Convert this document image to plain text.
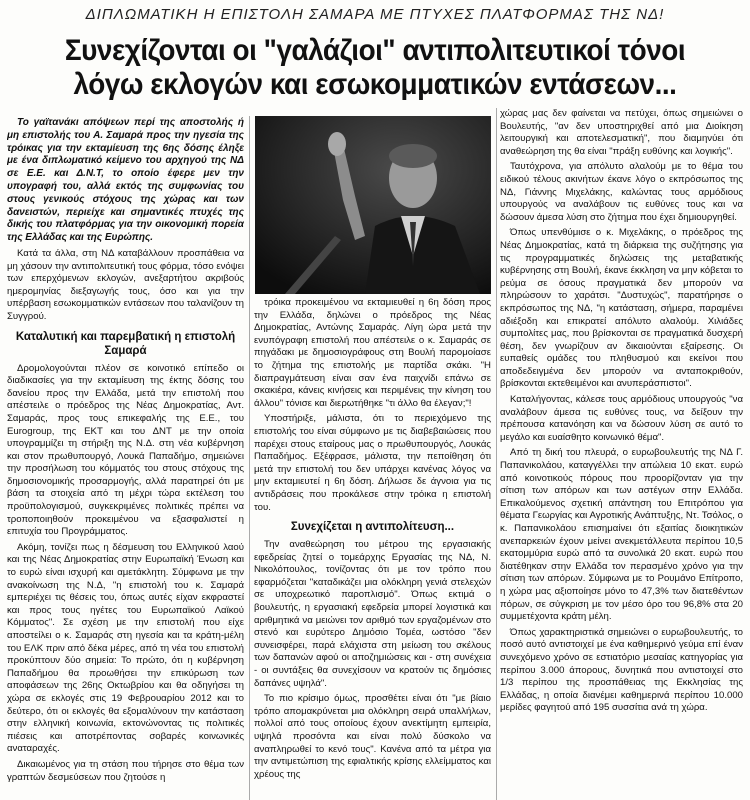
ΔΙΠΛΩΜΑΤΙΚΗ Η ΕΠΙΣΤΟΛΗ ΣΑΜΑΡΑ ΜΕ ΠΤΥΧΕΣ ΠΛΑΤΦΟΡΜΑΣ ΤΗΣ ΝΔ!
Συνεχίζονται οι "γαλάζιοι" αντιπολιτευτικοί τόνοι
λόγω εκλογών και εσωκομματικών εντάσεων...

Το γαϊτανάκι απόψεων περί της αποστολής ή μη επιστολής του Α. Σαμαρά προς την ηγεσία της τρόικας για την εκταμίευση της 6ης δόσης έληξε με ένα διπλωματικό κείμενο του αρχηγού της ΝΔ σε Ε.Ε. και Δ.Ν.Τ, το οποίο έφερε μεν την υπογραφή του, αλλά εκτός της συμφωνίας του στους γενικούς στόχους της χώρας και των δανειστών, περιείχε και σημαντικές πτυχές της δικής του πλατφόρμας για την οικονομική πορεία της Ελλάδας και της Ευρώπης.

Κατά τα άλλα, στη ΝΔ καταβάλλουν προσπάθεια να μη χάσουν την αντιπολιτευτική τους φόρμα, τόσο ενόψει των επερχόμενων εκλογών, ανεξαρτήτου ακριβούς ημερομηνίας διεξαγωγής τους, όσο και για την υπέρβαση εσωκομματικών εντάσεων που ταλανίζουν τη Συγγρού.

Καταλυτική και παρεμβατική η επιστολή Σαμαρά

Δρομολογούνται πλέον σε κοινοτικό επίπεδο οι διαδικασίες για την εκταμίευση της έκτης δόσης του δανείου προς την Ελλάδα, μετά την επιστολή που απέστειλε ο πρόεδρος της Νέας Δημοκρατίας, Αντ. Σαμαράς, προς τους επικεφαλής της Ε.Ε., του Eurogroup, της ΕΚΤ και του ΔΝΤ με την οποία υπογραμμίζει τη στήριξη της Ν.Δ. στη νέα κυβέρνηση και στον πρωθυπουργό, Λουκά Παπαδήμο, σημειώνει την προσήλωση του κόμματός του στους στόχους της δημοσιονομικής προσαρμογής, αλλά παρατηρεί ότι με βάση τα στοιχεία από τη μέχρι τώρα εκτέλεση του προϋπολογισμού, συγκεκριμένες πολιτικές πρέπει να τροποποιηθούν προκειμένου να εξασφαλιστεί η επιτυχία του Προγράμματος.

Ακόμη, τονίζει πως η δέσμευση του Ελληνικού λαού και της Νέας Δημοκρατίας στην Ευρωπαϊκή Ένωση και το ευρώ είναι ισχυρή και αμετάκλητη. Σύμφωνα με την ανακοίνωση της Ν.Δ, "η επιστολή του κ. Σαμαρά εμπεριέχει τις θέσεις του, όπως αυτές είχαν εκφραστεί και προς τους ηγέτες του Ευρωπαϊκού Λαϊκού Κόμματος". Σε σχέση με την επιστολή που είχε αποστείλει ο κ. Σαμαράς στη ηγεσία και τα κράτη-μέλη του ΕΛΚ πριν από δέκα μέρες, από τη νέα του επιστολή προκύπτουν δύο σημεία: Το πρώτο, ότι η κυβέρνηση Παπαδήμου θα προωθήσει την επικύρωση των αποφάσεων της 26ης Οκτωβρίου και θα οδηγήσει τη χώρα σε εκλογές στις 19 Φεβρουαρίου 2012 και το δεύτερο, ότι οι εκλογές θα εξομαλύνουν την κατάσταση στην ελληνική κοινωνία, εκτονώνοντας τις πολιτικές πιέσεις και αποτρέποντας σοβαρές κοινωνικές αναταραχές.

Δικαιωμένος για τη στάση που τήρησε στο θέμα των γραπτών δεσμεύσεων που ζητούσε η

τρόικα προκειμένου να εκταμιευθεί η 6η δόση προς την Ελλάδα, δηλώνει ο πρόεδρος της Νέας Δημοκρατίας, Αντώνης Σαμαράς. Λίγη ώρα μετά την ενυπόγραφη επιστολή που απέστειλε ο κ. Σαμαράς σε πηγάδακι με δημοσιογράφους στη Βουλή παρομοίασε το ζήτημα της επιστολής με παρτίδα σκάκι. "Η διαπραγμάτευση είναι σαν ένα παιχνίδι επάνω σε σκακιέρα, κάνεις κινήσεις και περιμένεις την κίνηση του άλλου" τόνισε και διερωτήθηκε "τι άλλο θα έλεγαν;"!

Υποστήριξε, μάλιστα, ότι το περιεχόμενο της επιστολής του είναι σύμφωνο με τις διαβεβαιώσεις που παρέχει στους εταίρους μας ο πρωθυπουργός, Λουκάς Παπαδήμος. Εξέφρασε, μάλιστα, την πεποίθηση ότι μετά την επιστολή του δεν υπάρχει κανένας λόγος να μην εκταμιευτεί η 6η δόση. Δήλωσε δε άγνοια για τις αντιδράσεις που προκάλεσε στην τρόικα η επιστολή του.

Συνεχίζεται η αντιπολίτευση...

Την αναθεώρηση του μέτρου της εργασιακής εφεδρείας ζητεί ο τομεάρχης Εργασίας της ΝΔ, Ν. Νικολόπουλος, τονίζοντας ότι με τον τρόπο που εφαρμόζεται "καταδικάζει μια ολόκληρη γενιά στελεχών σε υποχρεωτικό παροπλισμό". Όπως εκτιμά ο βουλευτής, η εργασιακή εφεδρεία μπορεί λογιστικά και αριθμητικά να μειώνει τον αριθμό των εργαζομένων στο στενό και ευρύτερο Δημόσιο Τομέα, ωστόσο "δεν συνεισφέρει, παρά ελάχιστα στη μείωση του σκέλους των δαπανών αφού οι αποζημιώσεις και - στη συνέχεια - οι συντάξεις θα συνεχίσουν να κρατούν τις δημόσιες δαπάνες υψηλά".

Το πιο κρίσιμο όμως, προσθέτει είναι ότι "με βίαιο τρόπο απομακρύνεται μια ολόκληρη σειρά υπαλλήλων, πολλοί από τους οποίους έχουν ανεκτίμητη εμπειρία, υψηλά προσόντα και είναι πολύ δύσκολο να αναπληρωθεί το κενό τους". Κανένα από τα μέτρα για την αντιμετώπιση της εφιαλτικής κρίσης ελλείμματος και χρέους της

χώρας μας δεν φαίνεται να πετύχει, όπως σημειώνει ο Βουλευτής, "αν δεν υποστηριχθεί από μια Διοίκηση λειτουργική και αποτελεσματική", που διαμηνύει ότι αναθεώρηση της θα είναι "πράξη ευθύνης και λογικής".

Ταυτόχρονα, για απόλυτο αλαλούμ με το θέμα του ειδικού τέλους ακινήτων έκανε λόγο ο εκπρόσωπος της ΝΔ, Γιάννης Μιχελάκης, καλώντας τους αρμόδιους υπουργούς να αναλάβουν τις ευθύνες τους και να δώσουν άμεσα λύση στο ζήτημα που έχει δημιουργηθεί.

Όπως υπενθύμισε ο κ. Μιχελάκης, ο πρόεδρος της Νέας Δημοκρατίας, κατά τη διάρκεια της συζήτησης για τις προγραμματικές δηλώσεις της μεταβατικής κυβέρνησης στη Βουλή, έκανε έκκληση να μην κόβεται το ρεύμα σε όσους πραγματικά δεν μπορούν να πληρώσουν το χαράτσι. "Δυστυχώς", παρατήρησε ο εκπρόσωπος της ΝΔ, "η κατάσταση, σήμερα, παραμένει αδιέξοδη και επικρατεί απόλυτο αλαλούμ. Χιλιάδες συμπολίτες μας, που βρίσκονται σε πραγματικά δυσχερή θέση, δεν γνωρίζουν αν δικαιούνται εξαίρεσης. Οι ευπαθείς ομάδες του πληθυσμού και εκείνοι που αποδεδειγμένα δεν μπορούν να ανταποκριθούν, βρίσκονται εκτεθειμένοι και ανυπεράσπιστοι".

Καταλήγοντας, κάλεσε τους αρμόδιους υπουργούς "να αναλάβουν άμεσα τις ευθύνες τους, να δείξουν την πρέπουσα κατανόηση και να δώσουν λύση σε αυτό το μεγάλο και ευαίσθητο κοινωνικό θέμα".

Από τη δική του πλευρά, ο ευρωβουλευτής της ΝΔ Γ. Παπανικολάου, καταγγέλλει την απώλεια 10 εκατ. ευρώ από κοινοτικούς πόρους που προορίζονταν για την σίτιση των απόρων και των αστέγων στην Ελλάδα. Επικαλούμενος σχετική απάντηση του Επιτρόπου για θέματα Γεωργίας και Αγροτικής Ανάπτυξης, Ντ. Τσόλος, ο κ. Παπανικολάου επισημαίνει ότι εξαιτίας διοικητικών ανεπαρκειών έχουν μείνει ανεκμετάλλευτα περίπου 10,5 εκατομμύρια ευρώ από τα συνολικά 20 εκατ. ευρώ που διατέθηκαν στην Ελλάδα τον περασμένο χρόνο για την σίτιση των απόρων. Σύμφωνα με το Ρουμάνο Επίτροπο, η χώρα μας αξιοποίησε μόνο το 47,3% των διατεθέντων πόρων, σε σύγκριση με τον μέσο όρο του 96,8% στα 20 συμμετέχοντα κράτη μέλη.

Όπως χαρακτηριστικά σημειώνει ο ευρωβουλευτής, το ποσό αυτό αντιστοιχεί με ένα καθημερινό γεύμα επί έναν συνεχόμενο χρόνο σε εστιατόριο μεσαίας κατηγορίας για περίπου 3.000 άπορους, δυνητικά που αντιστοιχεί στο 1/3 περίπου της προσπάθειας της Εκκλησίας της Ελλάδας, η οποία διανέμει καθημερινά περίπου 10.000 μερίδες φαγητού από 195 συσσίτια ανά τη χώρα.
